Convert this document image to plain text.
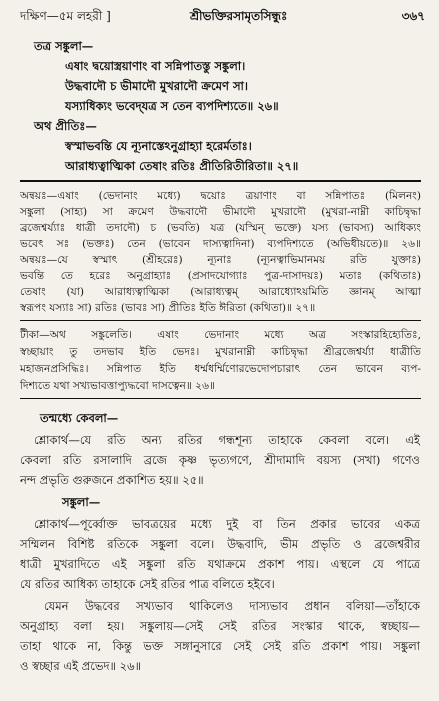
দক্ষিণ—৫ম লহরী ]	শ্রীভক্তিরসামৃতসিন্ধুঃ	৩৬৭
তত্র সঙ্কুলা—
এষাং দ্বয়োস্ত্রয়াণাং বা সন্নিপাতস্তু সঙ্কুলা।
উদ্ধবাদৌ চ ভীমাদৌ মুখরাদৌ ক্রমেণ সা।
যস্যাধিক্যং ভবেদ্‌যত্র স তেন ব্যপদিশ্যতে॥ ২৬॥
অথ প্রীতিঃ—
স্বস্মাভবন্তি যে ন্যূনাস্তেঽনুগ্রাহ্যা হরের্মতাঃ।
আরাধ্যত্বাত্মিকা তেষাং রতিঃ প্রীতিরিতীরিতা॥ ২৭॥
অন্বয়ঃ—এষাং (ভেদানাং মধ্যে) দ্বয়োঃ ত্রয়াণাং বা সন্নিপাতঃ (মিলনং)
সঙ্কুলা (সাহ্য) সা ক্রমেণ উদ্ধবাদৌ ভীমাদৌ মুখরাদৌ (মুখরা-নাম্নী কাচিদ্বৃদ্ধা
ব্রজেশ্বর্য্যাঃ ধাত্রী তদাদৌ) চ (ভবতি) যত্র (যস্মিন্‌ ভক্তে) যস্য (ভাবস্য) আধিক্যং
ভবেৎ সঃ (ভক্তঃ) তেন (ভাবেন দাস্যত্বাদিনা) ব্যপদিশ্যতে (অভিধীয়তে)॥ ২৬॥
অন্বয়ঃ—যে স্বস্মাৎ (শ্রীহরেঃ) ন্যূনাঃ (ন্যূনত্বাভিমানময় রতি যুক্তাঃ)
ভবন্তি তে হরেঃ অনুগ্রাহ্যাঃ (প্রসাদযোগ্যাঃ পুত্র-দাসাদয়ঃ) মতাঃ (কথিতাঃ)
তেষাং (যা) আরাধ্যত্বাত্মিকা (আরাধ্যত্বম্‌ আরাধ্যোঽয়মিতি জ্ঞানম্‌ আত্মা
স্বরূপং যস্যাঃ সা) রতিঃ (ভাবঃ সা) প্রীতিঃ ইতি ঈরিতা (কথিতা)॥ ২৭॥
টীকা—অথ সঙ্কুলেতি। এষাং ভেদানাং মধ্যে অত্র সংস্কারহিহ্যেতিঃ,
স্বচ্ছায়াং তু তদভাব ইতি ভেদঃ। মুখরানাম্নী কাচিদ্বৃদ্ধা শ্রীব্রজেশ্বর্য্যা ধাত্রীতি
মহাজনপ্রসিদ্ধিঃ। সন্নিপাত ইতি ধর্ম্মধর্ম্মিণোরভেদোপচারাৎ তেন ভাবেন ব্যপ-
দিশ্যতে যথা সখ্যভাবত্তাপ্যুদ্ধবো দাসত্বেন॥ ২৬॥
তন্মধ্যে কেবলা—
শ্লোকার্থ—যে রতি অন্য রতির গন্ধশূন্য তাহাকে কেবলা বলে। এই
কেবলা রতি রসালাদি ব্রজে কৃষ্ণ ভৃত্যগণে, শ্রীদামাদি বয়স্য (সখা) গণেও
নন্দ প্রভৃতি গুরুজনে প্রকাশিত হয়॥ ২৫॥
সঙ্কুলা—
শ্লোকার্থ—পূর্ব্বোক্ত ভাবত্রয়ের মধ্যে দুই বা তিন প্রকার ভাবের একত্র
সম্মিলন বিশিষ্ট রতিকে সঙ্কুলা বলে। উদ্ধবাদি, ভীম প্রভৃতি ও ব্রজেশ্বরীর
ধাত্রী মুখরাদিতে এই সঙ্কুলা রতি যথাক্রমে প্রকাশ পায়। এস্থলে যে পাত্রে
যে রতির আধিক্য তাহাকে সেই রতির পাত্র বলিতে হইবে।
যেমন উদ্ধবের সখ্যভাব থাকিলেও দাস্যভাব প্রধান বলিয়া—তাঁহাকে
অনুগ্রাহ্য বলা হয়। সঙ্কুলায়—সেই সেই রতির সংস্কার থাকে, স্বচ্ছায়—
তাহা থাকে না, কিন্তু ভক্ত সঙ্গানুসারে সেই সেই রতি প্রকাশ পায়। সঙ্কুলা
ও স্বচ্ছার এই প্রভেদ॥ ২৬॥
